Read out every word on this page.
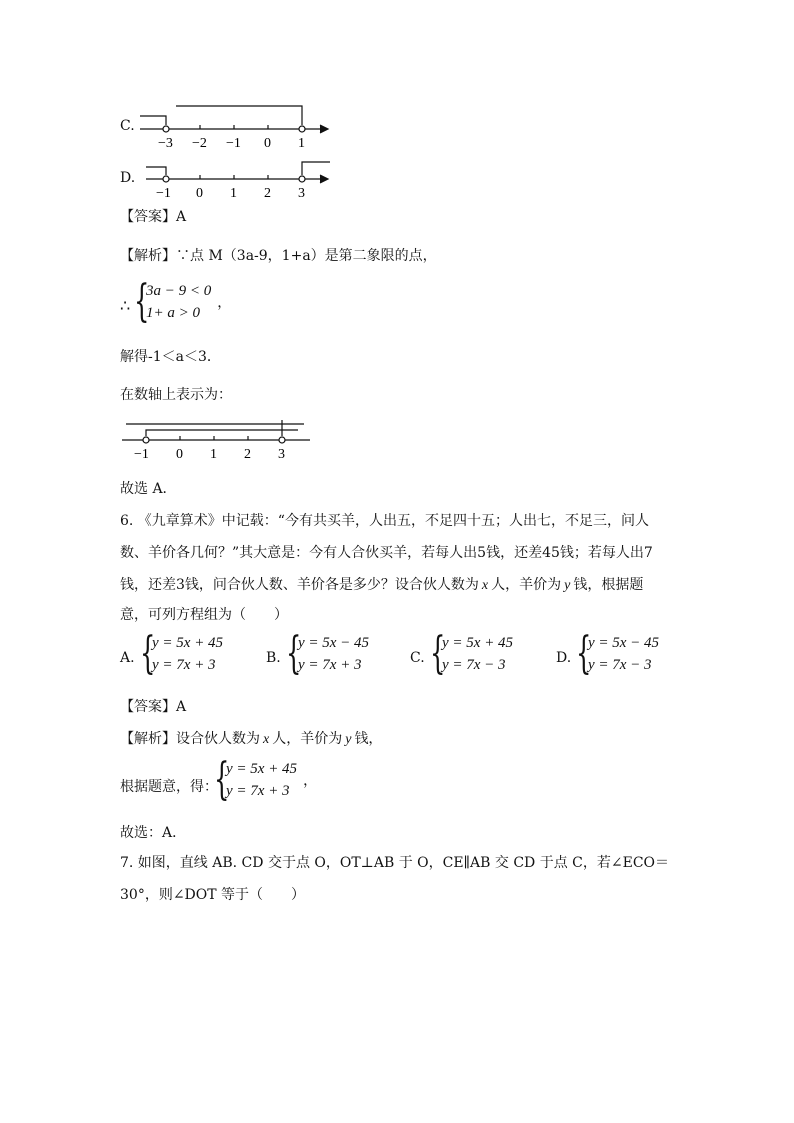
C.
−3 −2 −1 0 1
D.
−1 0 1 2 3
【答案】A
【解析】∵点 M（3a-9，1+a）是第二象限的点，
∴ {
3a − 9 < 0
1+ a > 0
，
解得-1＜a＜3．
在数轴上表示为：
−1 0 1 2 3
故选 A．
6. 《九章算术》中记载：“今有共买羊，人出五，不足四十五；人出七，不足三，问人
数、羊价各几何？”其大意是：今有人合伙买羊，若每人出5钱，还差45钱；若每人出7
钱，还差3钱，问合伙人数、羊价各是多少？设合伙人数为 x 人，羊价为 y 钱，根据题
意，可列方程组为（　　）
A. {
y = 5x + 45
y = 7x + 3	B. {
y = 5x − 45
y = 7x + 3	C. {
y = 5x + 45
y = 7x − 3	D. {
y = 5x − 45
y = 7x − 3
【答案】A
【解析】设合伙人数为 x 人，羊价为 y 钱，
根据题意，得：
{
y = 5x + 45
y = 7x + 3
，
故选：A．
7. 如图，直线 AB. CD 交于点 O，OT⊥AB 于 O，CE∥AB 交 CD 于点 C，若∠ECO＝
30°，则∠DOT 等于（　　）
